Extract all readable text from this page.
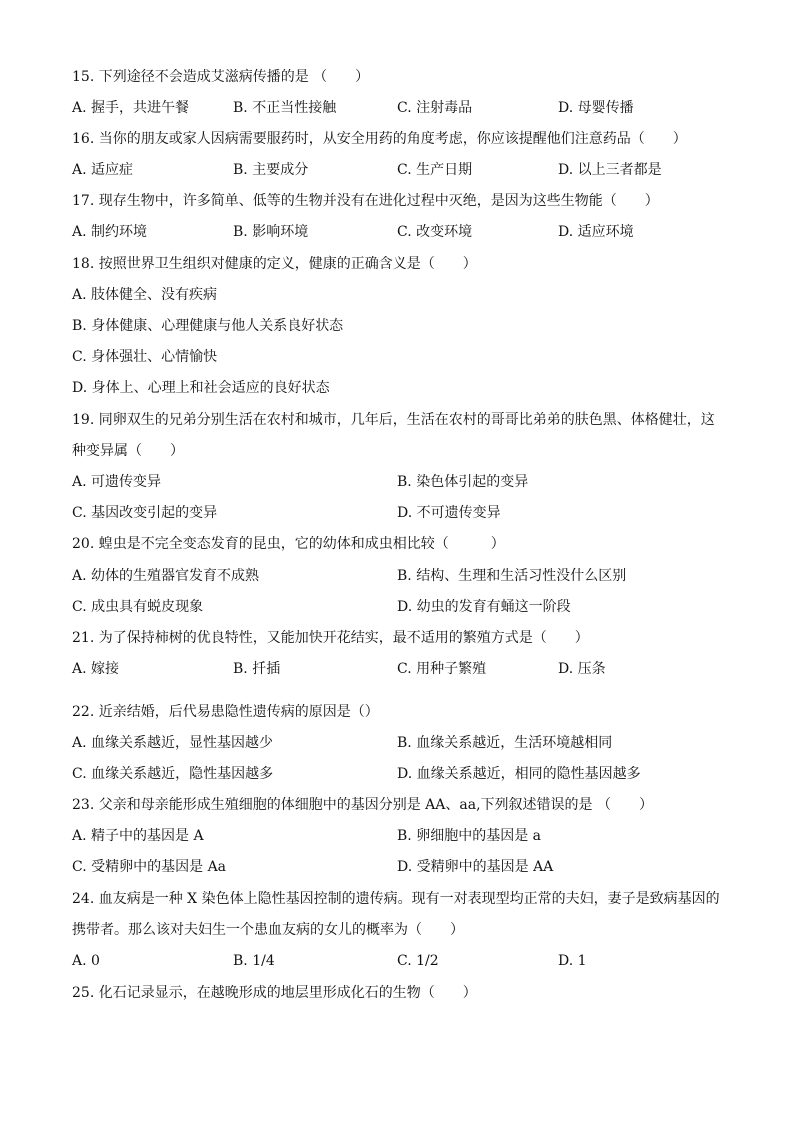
15. 下列途径不会造成艾滋病传播的是 （　　）
A. 握手，共进午餐	B. 不正当性接触	C. 注射毒品	D. 母婴传播
16. 当你的朋友或家人因病需要服药时，从安全用药的角度考虑，你应该提醒他们注意药品（　　）
A. 适应症	B. 主要成分	C. 生产日期	D. 以上三者都是
17. 现存生物中，许多简单、低等的生物并没有在进化过程中灭绝，是因为这些生物能（　　）
A. 制约环境	B. 影响环境	C. 改变环境	D. 适应环境
18. 按照世界卫生组织对健康的定义，健康的正确含义是（　　）
A. 肢体健全、没有疾病
B. 身体健康、心理健康与他人关系良好状态
C. 身体强壮、心情愉快
D. 身体上、心理上和社会适应的良好状态
19. 同卵双生的兄弟分别生活在农村和城市，几年后，生活在农村的哥哥比弟弟的肤色黑、体格健壮，这
种变异属（　　）
A. 可遗传变异	B. 染色体引起的变异
C. 基因改变引起的变异	D. 不可遗传变异
20. 蝗虫是不完全变态发育的昆虫，它的幼体和成虫相比较（　　　）
A. 幼体的生殖器官发育不成熟	B. 结构、生理和生活习性没什么区别
C. 成虫具有蜕皮现象	D. 幼虫的发育有蛹这一阶段
21. 为了保持柿树的优良特性，又能加快开花结实，最不适用的繁殖方式是（　　）
A. 嫁接	B. 扦插	C. 用种子繁殖	D. 压条
22. 近亲结婚，后代易患隐性遗传病的原因是（）
A. 血缘关系越近，显性基因越少	B. 血缘关系越近，生活环境越相同
C. 血缘关系越近，隐性基因越多	D. 血缘关系越近，相同的隐性基因越多
23. 父亲和母亲能形成生殖细胞的体细胞中的基因分别是 AA、aa,下列叙述错误的是 （　　）
A. 精子中的基因是 A	B. 卵细胞中的基因是 a
C. 受精卵中的基因是 Aa	D. 受精卵中的基因是 AA
24. 血友病是一种 X 染色体上隐性基因控制的遗传病。现有一对表现型均正常的夫妇，妻子是致病基因的
携带者。那么该对夫妇生一个患血友病的女儿的概率为（　　）
A. 0	B. 1/4	C. 1/2	D. 1
25. 化石记录显示，在越晚形成的地层里形成化石的生物（　　）
